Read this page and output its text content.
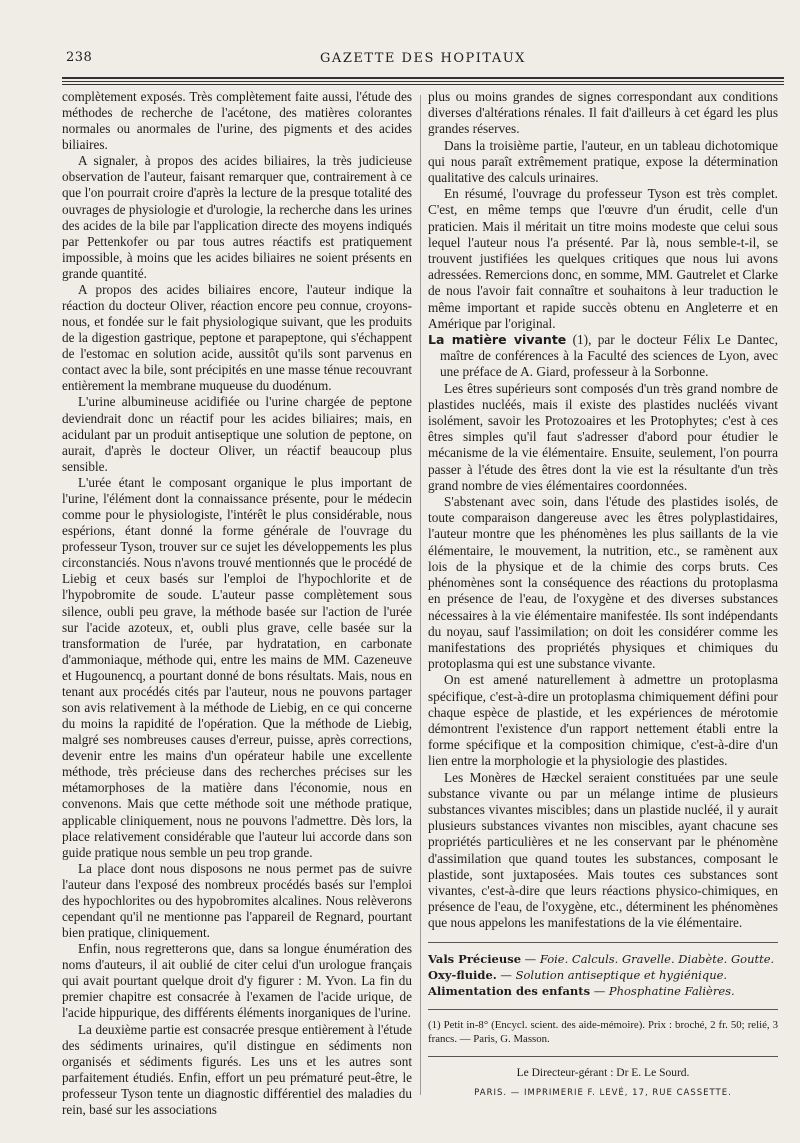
238	GAZETTE DES HOPITAUX

complètement exposés. Très complètement faite aussi, l'étude des méthodes de recherche de l'acétone, des matières colorantes normales ou anormales de l'urine, des pigments et des acides biliaires.

A signaler, à propos des acides biliaires, la très judicieuse observation de l'auteur, faisant remarquer que, contrairement à ce que l'on pourrait croire d'après la lecture de la presque totalité des ouvrages de physiologie et d'urologie, la recherche dans les urines des acides de la bile par l'application directe des moyens indiqués par Pettenkofer ou par tous autres réactifs est pratiquement impossible, à moins que les acides biliaires ne soient présents en grande quantité.

A propos des acides biliaires encore, l'auteur indique la réaction du docteur Oliver, réaction encore peu connue, croyons-nous, et fondée sur le fait physiologique suivant, que les produits de la digestion gastrique, peptone et parapeptone, qui s'échappent de l'estomac en solution acide, aussitôt qu'ils sont parvenus en contact avec la bile, sont précipités en une masse ténue recouvrant entièrement la membrane muqueuse du duodénum.

L'urine albumineuse acidifiée ou l'urine chargée de peptone deviendrait donc un réactif pour les acides biliaires; mais, en acidulant par un produit antiseptique une solution de peptone, on aurait, d'après le docteur Oliver, un réactif beaucoup plus sensible.

L'urée étant le composant organique le plus important de l'urine, l'élément dont la connaissance présente, pour le médecin comme pour le physiologiste, l'intérêt le plus considérable, nous espérions, étant donné la forme générale de l'ouvrage du professeur Tyson, trouver sur ce sujet les développements les plus circonstanciés. Nous n'avons trouvé mentionnés que le procédé de Liebig et ceux basés sur l'emploi de l'hypochlorite et de l'hypobromite de soude. L'auteur passe complètement sous silence, oubli peu grave, la méthode basée sur l'action de l'urée sur l'acide azoteux, et, oubli plus grave, celle basée sur la transformation de l'urée, par hydratation, en carbonate d'ammoniaque, méthode qui, entre les mains de MM. Cazeneuve et Hugounencq, a pourtant donné de bons résultats. Mais, nous en tenant aux procédés cités par l'auteur, nous ne pouvons partager son avis relativement à la méthode de Liebig, en ce qui concerne du moins la rapidité de l'opération. Que la méthode de Liebig, malgré ses nombreuses causes d'erreur, puisse, après corrections, devenir entre les mains d'un opérateur habile une excellente méthode, très précieuse dans des recherches précises sur les métamorphoses de la matière dans l'économie, nous en convenons. Mais que cette méthode soit une méthode pratique, applicable cliniquement, nous ne pouvons l'admettre. Dès lors, la place relativement considérable que l'auteur lui accorde dans son guide pratique nous semble un peu trop grande.

La place dont nous disposons ne nous permet pas de suivre l'auteur dans l'exposé des nombreux procédés basés sur l'emploi des hypochlorites ou des hypobromites alcalines. Nous relèverons cependant qu'il ne mentionne pas l'appareil de Regnard, pourtant bien pratique, cliniquement.

Enfin, nous regretterons que, dans sa longue énumération des noms d'auteurs, il ait oublié de citer celui d'un urologue français qui avait pourtant quelque droit d'y figurer : M. Yvon. La fin du premier chapitre est consacrée à l'examen de l'acide urique, de l'acide hippurique, des différents éléments inorganiques de l'urine.

La deuxième partie est consacrée presque entièrement à l'étude des sédiments urinaires, qu'il distingue en sédiments non organisés et sédiments figurés. Les uns et les autres sont parfaitement étudiés. Enfin, effort un peu prématuré peut-être, le professeur Tyson tente un diagnostic différentiel des maladies du rein, basé sur les associations

plus ou moins grandes de signes correspondant aux conditions diverses d'altérations rénales. Il fait d'ailleurs à cet égard les plus grandes réserves.

Dans la troisième partie, l'auteur, en un tableau dichotomique qui nous paraît extrêmement pratique, expose la détermination qualitative des calculs urinaires.

En résumé, l'ouvrage du professeur Tyson est très complet. C'est, en même temps que l'œuvre d'un érudit, celle d'un praticien. Mais il méritait un titre moins modeste que celui sous lequel l'auteur nous l'a présenté. Par là, nous semble-t-il, se trouvent justifiées les quelques critiques que nous lui avons adressées. Remercions donc, en somme, MM. Gautrelet et Clarke de nous l'avoir fait connaître et souhaitons à leur traduction le même important et rapide succès obtenu en Angleterre et en Amérique par l'original.

La matière vivante (1), par le docteur Félix Le Dantec, maître de conférences à la Faculté des sciences de Lyon, avec une préface de A. Giard, professeur à la Sorbonne.

Les êtres supérieurs sont composés d'un très grand nombre de plastides nucléés, mais il existe des plastides nucléés vivant isolément, savoir les Protozoaires et les Protophytes; c'est à ces êtres simples qu'il faut s'adresser d'abord pour étudier le mécanisme de la vie élémentaire. Ensuite, seulement, l'on pourra passer à l'étude des êtres dont la vie est la résultante d'un très grand nombre de vies élémentaires coordonnées.

S'abstenant avec soin, dans l'étude des plastides isolés, de toute comparaison dangereuse avec les êtres polyplastidaires, l'auteur montre que les phénomènes les plus saillants de la vie élémentaire, le mouvement, la nutrition, etc., se ramènent aux lois de la physique et de la chimie des corps bruts. Ces phénomènes sont la conséquence des réactions du protoplasma en présence de l'eau, de l'oxygène et des diverses substances nécessaires à la vie élémentaire manifestée. Ils sont indépendants du noyau, sauf l'assimilation; on doit les considérer comme les manifestations des propriétés physiques et chimiques du protoplasma qui est une substance vivante.

On est amené naturellement à admettre un protoplasma spécifique, c'est-à-dire un protoplasma chimiquement défini pour chaque espèce de plastide, et les expériences de mérotomie démontrent l'existence d'un rapport nettement établi entre la forme spécifique et la composition chimique, c'est-à-dire d'un lien entre la morphologie et la physiologie des plastides.

Les Monères de Hæckel seraient constituées par une seule substance vivante ou par un mélange intime de plusieurs substances vivantes miscibles; dans un plastide nucléé, il y aurait plusieurs substances vivantes non miscibles, ayant chacune ses propriétés particulières et ne les conservant par le phénomène d'assimilation que quand toutes les substances, composant le plastide, sont juxtaposées. Mais toutes ces substances sont vivantes, c'est-à-dire que leurs réactions physico-chimiques, en présence de l'eau, de l'oxygène, etc., déterminent les phénomènes que nous appelons les manifestations de la vie élémentaire.

Vals Précieuse — Foie. Calculs. Gravelle. Diabète. Goutte.
Oxy-fluide. — Solution antiseptique et hygiénique.
Alimentation des enfants — Phosphatine Falières.
(1) Petit in-8° (Encycl. scient. des aide-mémoire). Prix : broché, 2 fr. 50; relié, 3 francs. — Paris, G. Masson.
Le Directeur-gérant : Dr E. Le Sourd.
PARIS. — IMPRIMERIE F. LEVÉ, 17, RUE CASSETTE.
